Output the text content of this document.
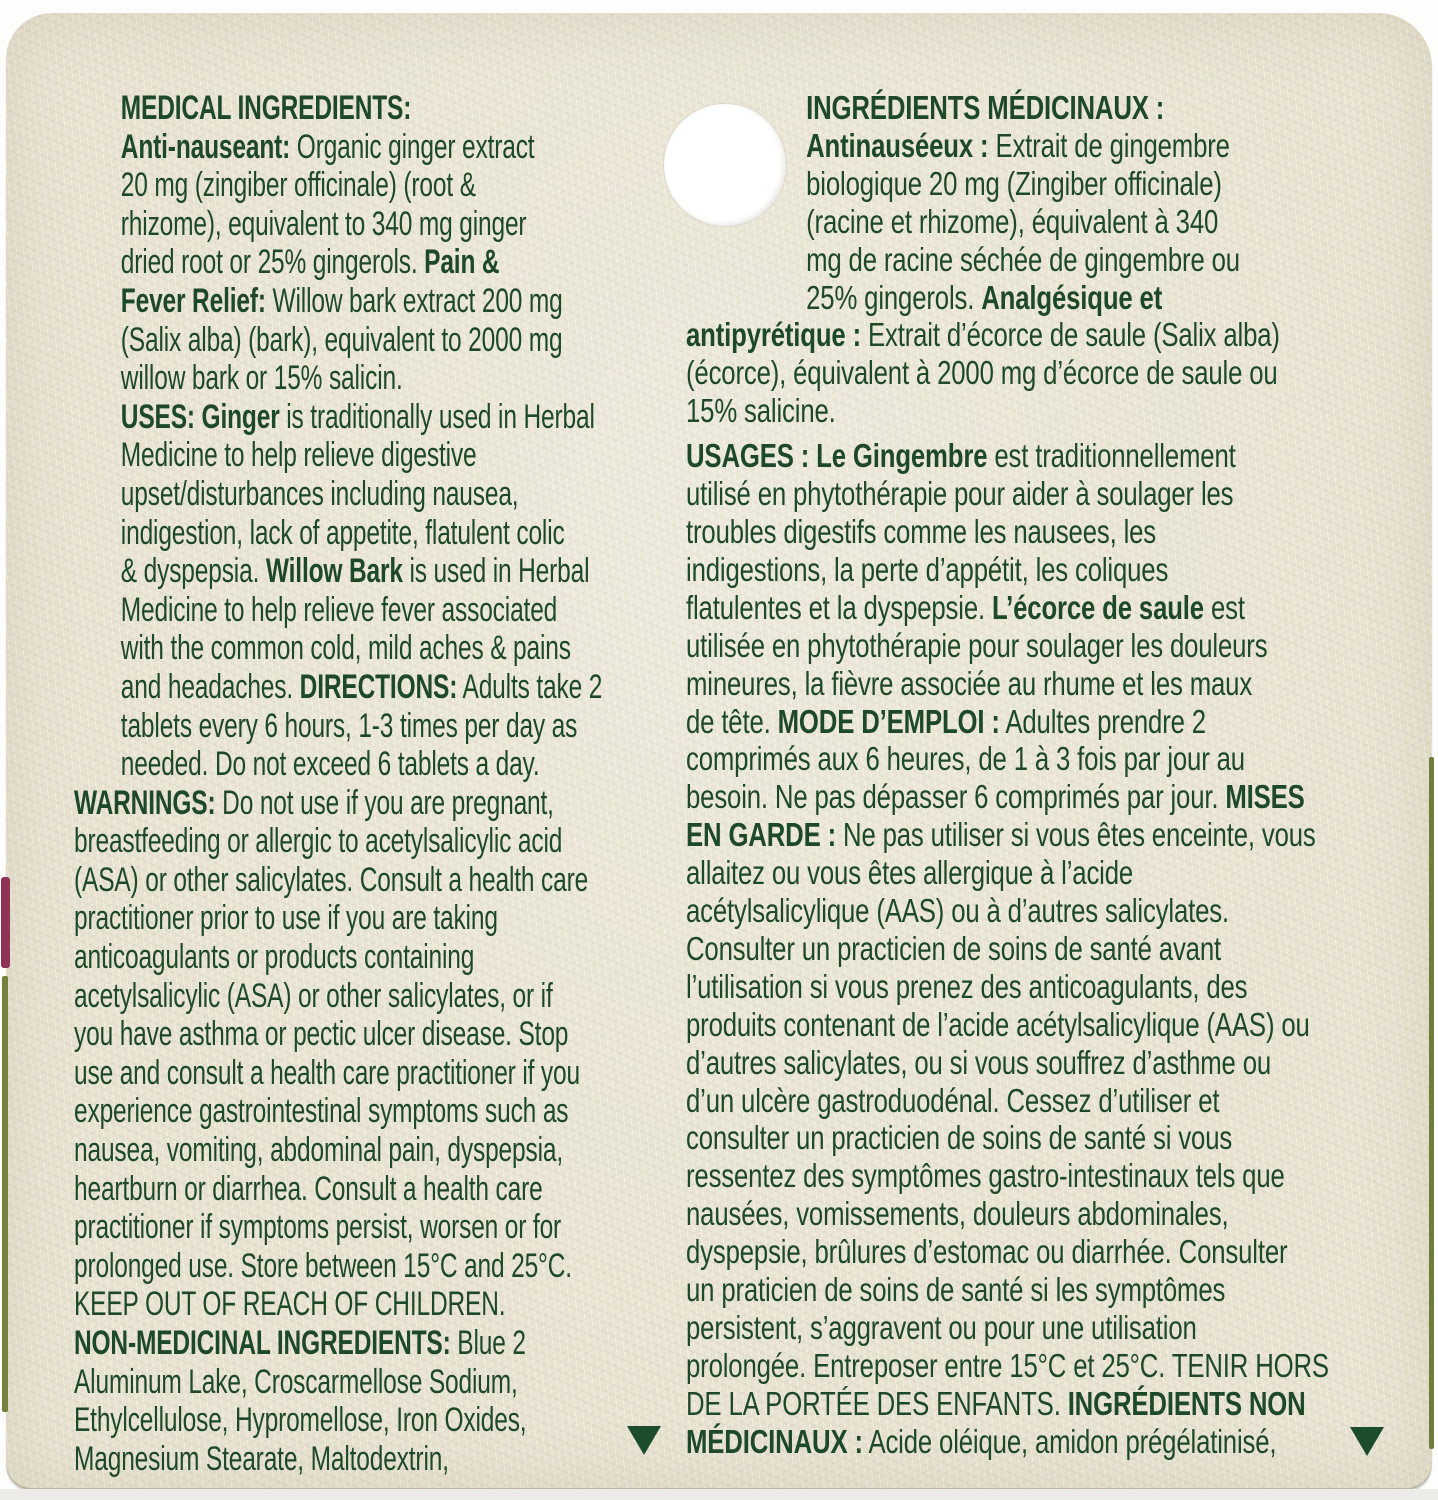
MEDICAL INGREDIENTS:
Anti-nauseant: Organic ginger extract
20 mg (zingiber officinale) (root &
rhizome), equivalent to 340 mg ginger
dried root or 25% gingerols. Pain &
Fever Relief: Willow bark extract 200 mg
(Salix alba) (bark), equivalent to 2000 mg
willow bark or 15% salicin.
USES: Ginger is traditionally used in Herbal
Medicine to help relieve digestive
upset/disturbances including nausea,
indigestion, lack of appetite, flatulent colic
& dyspepsia. Willow Bark is used in Herbal
Medicine to help relieve fever associated
with the common cold, mild aches & pains
and headaches. DIRECTIONS: Adults take 2
tablets every 6 hours, 1-3 times per day as
needed. Do not exceed 6 tablets a day.
WARNINGS: Do not use if you are pregnant,
breastfeeding or allergic to acetylsalicylic acid
(ASA) or other salicylates. Consult a health care
practitioner prior to use if you are taking
anticoagulants or products containing
acetylsalicylic (ASA) or other salicylates, or if
you have asthma or pectic ulcer disease. Stop
use and consult a health care practitioner if you
experience gastrointestinal symptoms such as
nausea, vomiting, abdominal pain, dyspepsia,
heartburn or diarrhea. Consult a health care
practitioner if symptoms persist, worsen or for
prolonged use. Store between 15°C and 25°C.
KEEP OUT OF REACH OF CHILDREN.
NON-MEDICINAL INGREDIENTS: Blue 2
Aluminum Lake, Croscarmellose Sodium,
Ethylcellulose, Hypromellose, Iron Oxides,
Magnesium Stearate, Maltodextrin,
INGRÉDIENTS MÉDICINAUX :
Antinauséeux : Extrait de gingembre
biologique 20 mg (Zingiber officinale)
(racine et rhizome), équivalent à 340
mg de racine séchée de gingembre ou
25% gingerols. Analgésique et
antipyrétique : Extrait d’écorce de saule (Salix alba)
(écorce), équivalent à 2000 mg d’écorce de saule ou
15% salicine.
USAGES : Le Gingembre est traditionnellement
utilisé en phytothérapie pour aider à soulager les
troubles digestifs comme les nausees, les
indigestions, la perte d’appétit, les coliques
flatulentes et la dyspepsie. L’écorce de saule est
utilisée en phytothérapie pour soulager les douleurs
mineures, la fièvre associée au rhume et les maux
de tête. MODE D’EMPLOI : Adultes prendre 2
comprimés aux 6 heures, de 1 à 3 fois par jour au
besoin. Ne pas dépasser 6 comprimés par jour. MISES
EN GARDE : Ne pas utiliser si vous êtes enceinte, vous
allaitez ou vous êtes allergique à l’acide
acétylsalicylique (AAS) ou à d’autres salicylates.
Consulter un practicien de soins de santé avant
l’utilisation si vous prenez des anticoagulants, des
produits contenant de l’acide acétylsalicylique (AAS) ou
d’autres salicylates, ou si vous souffrez d’asthme ou
d’un ulcère gastroduodénal. Cessez d’utiliser et
consulter un practicien de soins de santé si vous
ressentez des symptômes gastro-intestinaux tels que
nausées, vomissements, douleurs abdominales,
dyspepsie, brûlures d’estomac ou diarrhée. Consulter
un praticien de soins de santé si les symptômes
persistent, s’aggravent ou pour une utilisation
prolongée. Entreposer entre 15°C et 25°C. TENIR HORS
DE LA PORTÉE DES ENFANTS. INGRÉDIENTS NON
MÉDICINAUX : Acide oléique, amidon prégélatinisé,
